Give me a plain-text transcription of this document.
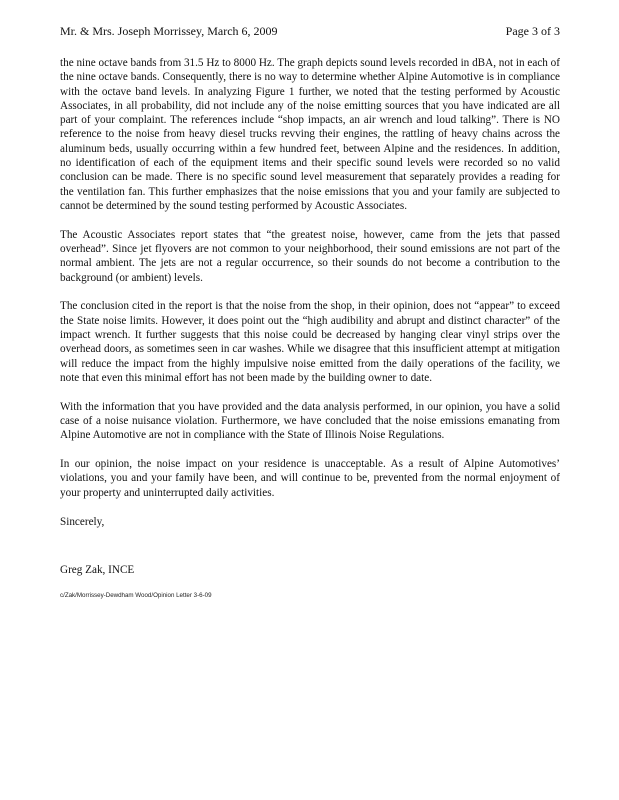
Mr. & Mrs. Joseph Morrissey, March 6, 2009	Page 3 of 3

the nine octave bands from 31.5 Hz to 8000 Hz. The graph depicts sound levels recorded in dBA, not in each of the nine octave bands. Consequently, there is no way to determine whether Alpine Automotive is in compliance with the octave band levels. In analyzing Figure 1 further, we noted that the testing performed by Acoustic Associates, in all probability, did not include any of the noise emitting sources that you have indicated are all part of your complaint. The references include “shop impacts, an air wrench and loud talking”. There is NO reference to the noise from heavy diesel trucks revving their engines, the rattling of heavy chains across the aluminum beds, usually occurring within a few hundred feet, between Alpine and the residences. In addition, no identification of each of the equipment items and their specific sound levels were recorded so no valid conclusion can be made. There is no specific sound level measurement that separately provides a reading for the ventilation fan. This further emphasizes that the noise emissions that you and your family are subjected to cannot be determined by the sound testing performed by Acoustic Associates.

The Acoustic Associates report states that “the greatest noise, however, came from the jets that passed overhead”. Since jet flyovers are not common to your neighborhood, their sound emissions are not part of the normal ambient. The jets are not a regular occurrence, so their sounds do not become a contribution to the background (or ambient) levels.

The conclusion cited in the report is that the noise from the shop, in their opinion, does not “appear” to exceed the State noise limits. However, it does point out the “high audibility and abrupt and distinct character” of the impact wrench. It further suggests that this noise could be decreased by hanging clear vinyl strips over the overhead doors, as sometimes seen in car washes. While we disagree that this insufficient attempt at mitigation will reduce the impact from the highly impulsive noise emitted from the daily operations of the facility, we note that even this minimal effort has not been made by the building owner to date.

With the information that you have provided and the data analysis performed, in our opinion, you have a solid case of a noise nuisance violation. Furthermore, we have concluded that the noise emissions emanating from Alpine Automotive are not in compliance with the State of Illinois Noise Regulations.

In our opinion, the noise impact on your residence is unacceptable. As a result of Alpine Automotives’ violations, you and your family have been, and will continue to be, prevented from the normal enjoyment of your property and uninterrupted daily activities.

Sincerely,

Greg Zak, INCE

c/Zak/Morrissey-Dewdham Wood/Opinion Letter 3-6-09
